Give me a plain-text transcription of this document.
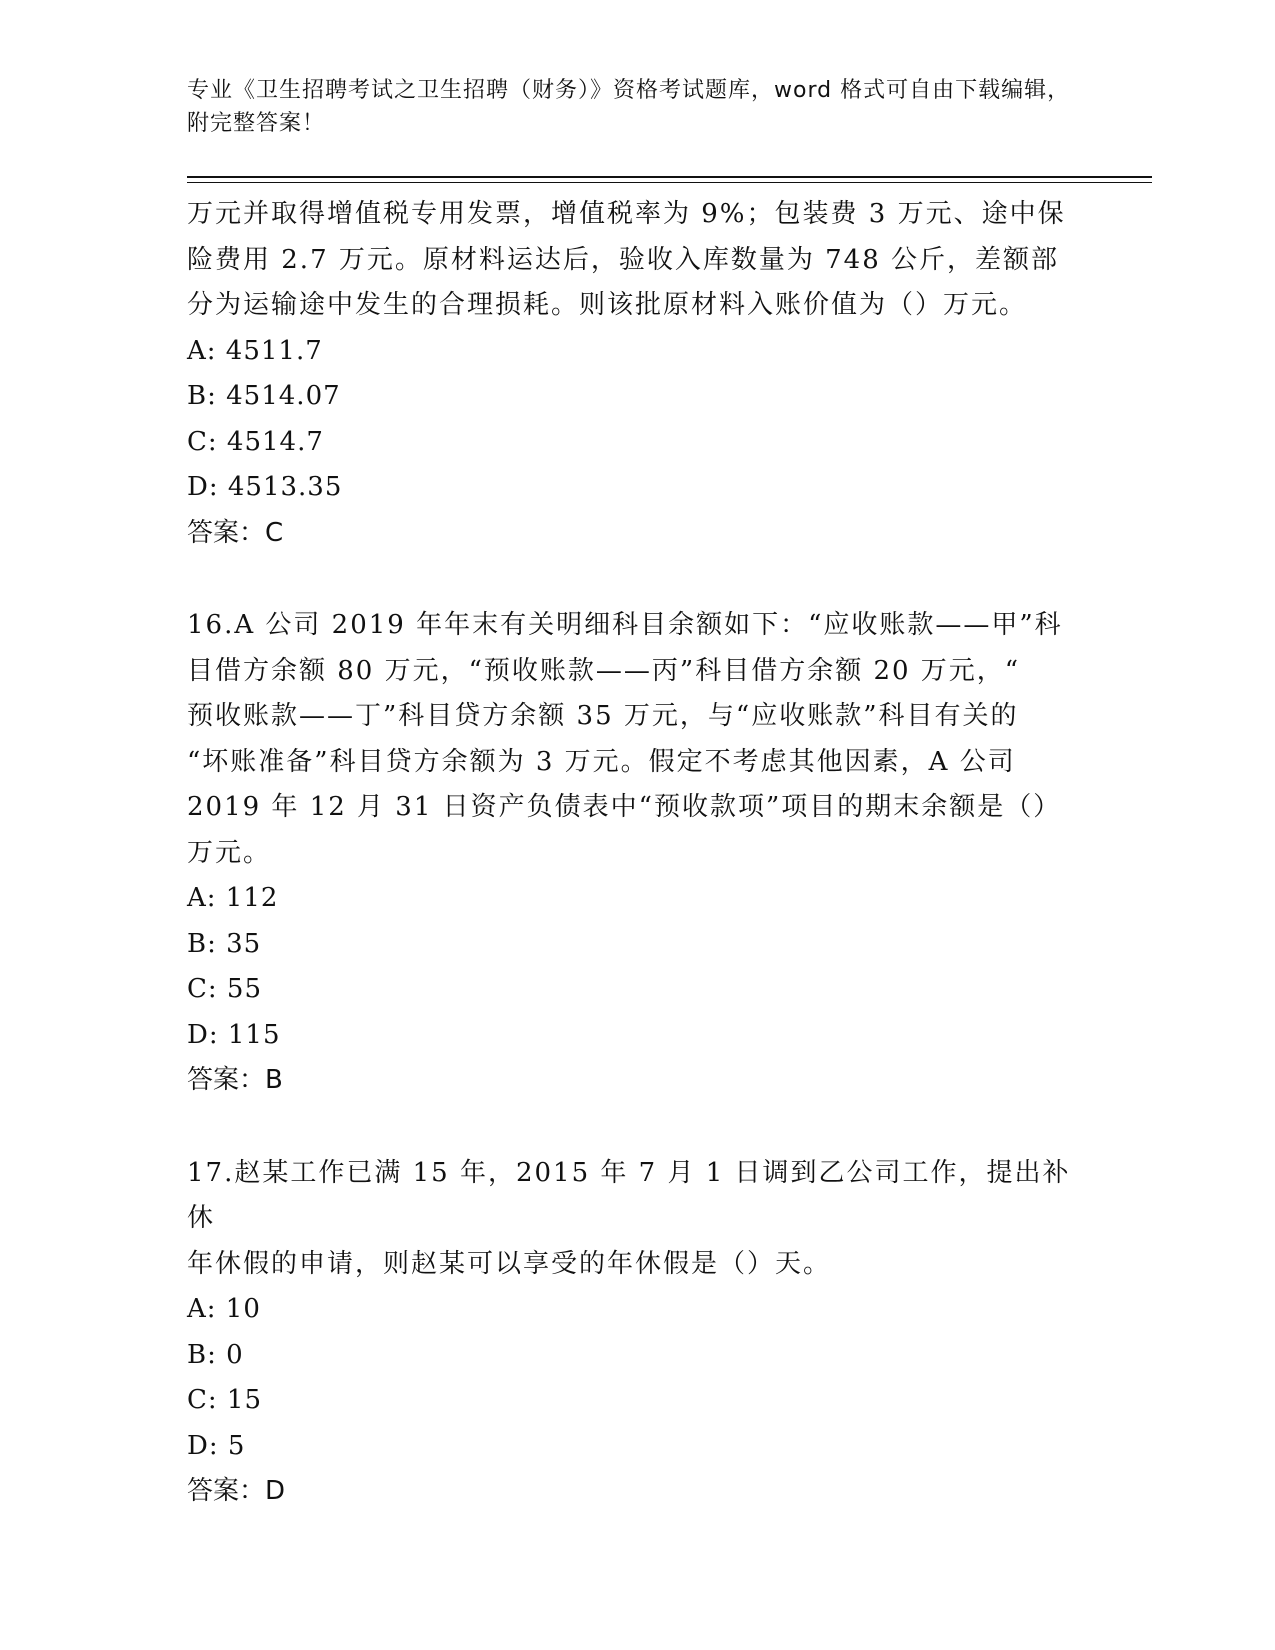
专业《卫生招聘考试之卫生招聘（财务）》资格考试题库，word 格式可自由下载编辑，附完整答案！

万元并取得增值税专用发票，增值税率为 9%；包装费 3 万元、途中保

险费用 2.7 万元。原材料运达后，验收入库数量为 748 公斤，差额部

分为运输途中发生的合理损耗。则该批原材料入账价值为（）万元。

A: 4511.7

B: 4514.07

C: 4514.7

D: 4513.35

答案：C

16.A 公司 2019 年年末有关明细科目余额如下：“应收账款——甲”科

目借方余额 80 万元，“预收账款——丙”科目借方余额 20 万元，“

预收账款——丁”科目贷方余额 35 万元，与“应收账款”科目有关的

“坏账准备”科目贷方余额为 3 万元。假定不考虑其他因素，A 公司

2019 年 12 月 31 日资产负债表中“预收款项”项目的期末余额是（）

万元。

A: 112

B: 35

C: 55

D: 115

答案：B

17.赵某工作已满 15 年，2015 年 7 月 1 日调到乙公司工作，提出补休

年休假的申请，则赵某可以享受的年休假是（）天。

A: 10

B: 0

C: 15

D: 5

答案：D
